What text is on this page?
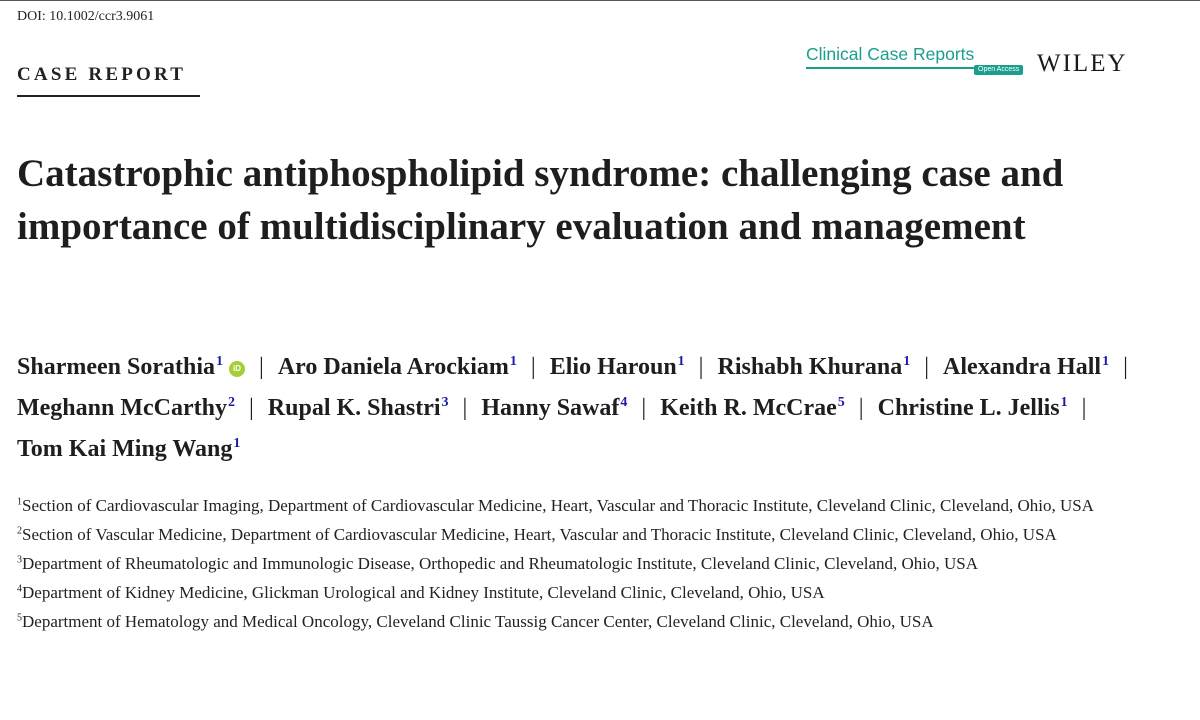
DOI: 10.1002/ccr3.9061
CASE REPORT
Clinical Case Reports
Open Access WILEY
Catastrophic antiphospholipid syndrome: challenging case and importance of multidisciplinary evaluation and management
Sharmeen Sorathia$^1$ iD | Aro Daniela Arockiam$^1$ | Elio Haroun$^1$ | Rishabh Khurana$^1$ | Alexandra Hall$^1$ |Meghann McCarthy$^2$ | Rupal K. Shastri$^3$ | Hanny Sawaf$^4$ | Keith R. McCrae$^5$ | Christine L. Jellis$^1$ |Tom Kai Ming Wang$^1$
$^1$Section of Cardiovascular Imaging, Department of Cardiovascular Medicine, Heart, Vascular and Thoracic Institute, Cleveland Clinic, Cleveland, Ohio, USA
$^2$Section of Vascular Medicine, Department of Cardiovascular Medicine, Heart, Vascular and Thoracic Institute, Cleveland Clinic, Cleveland, Ohio, USA
$^3$Department of Rheumatologic and Immunologic Disease, Orthopedic and Rheumatologic Institute, Cleveland Clinic, Cleveland, Ohio, USA
$^4$Department of Kidney Medicine, Glickman Urological and Kidney Institute, Cleveland Clinic, Cleveland, Ohio, USA
$^5$Department of Hematology and Medical Oncology, Cleveland Clinic Taussig Cancer Center, Cleveland Clinic, Cleveland, Ohio, USA
